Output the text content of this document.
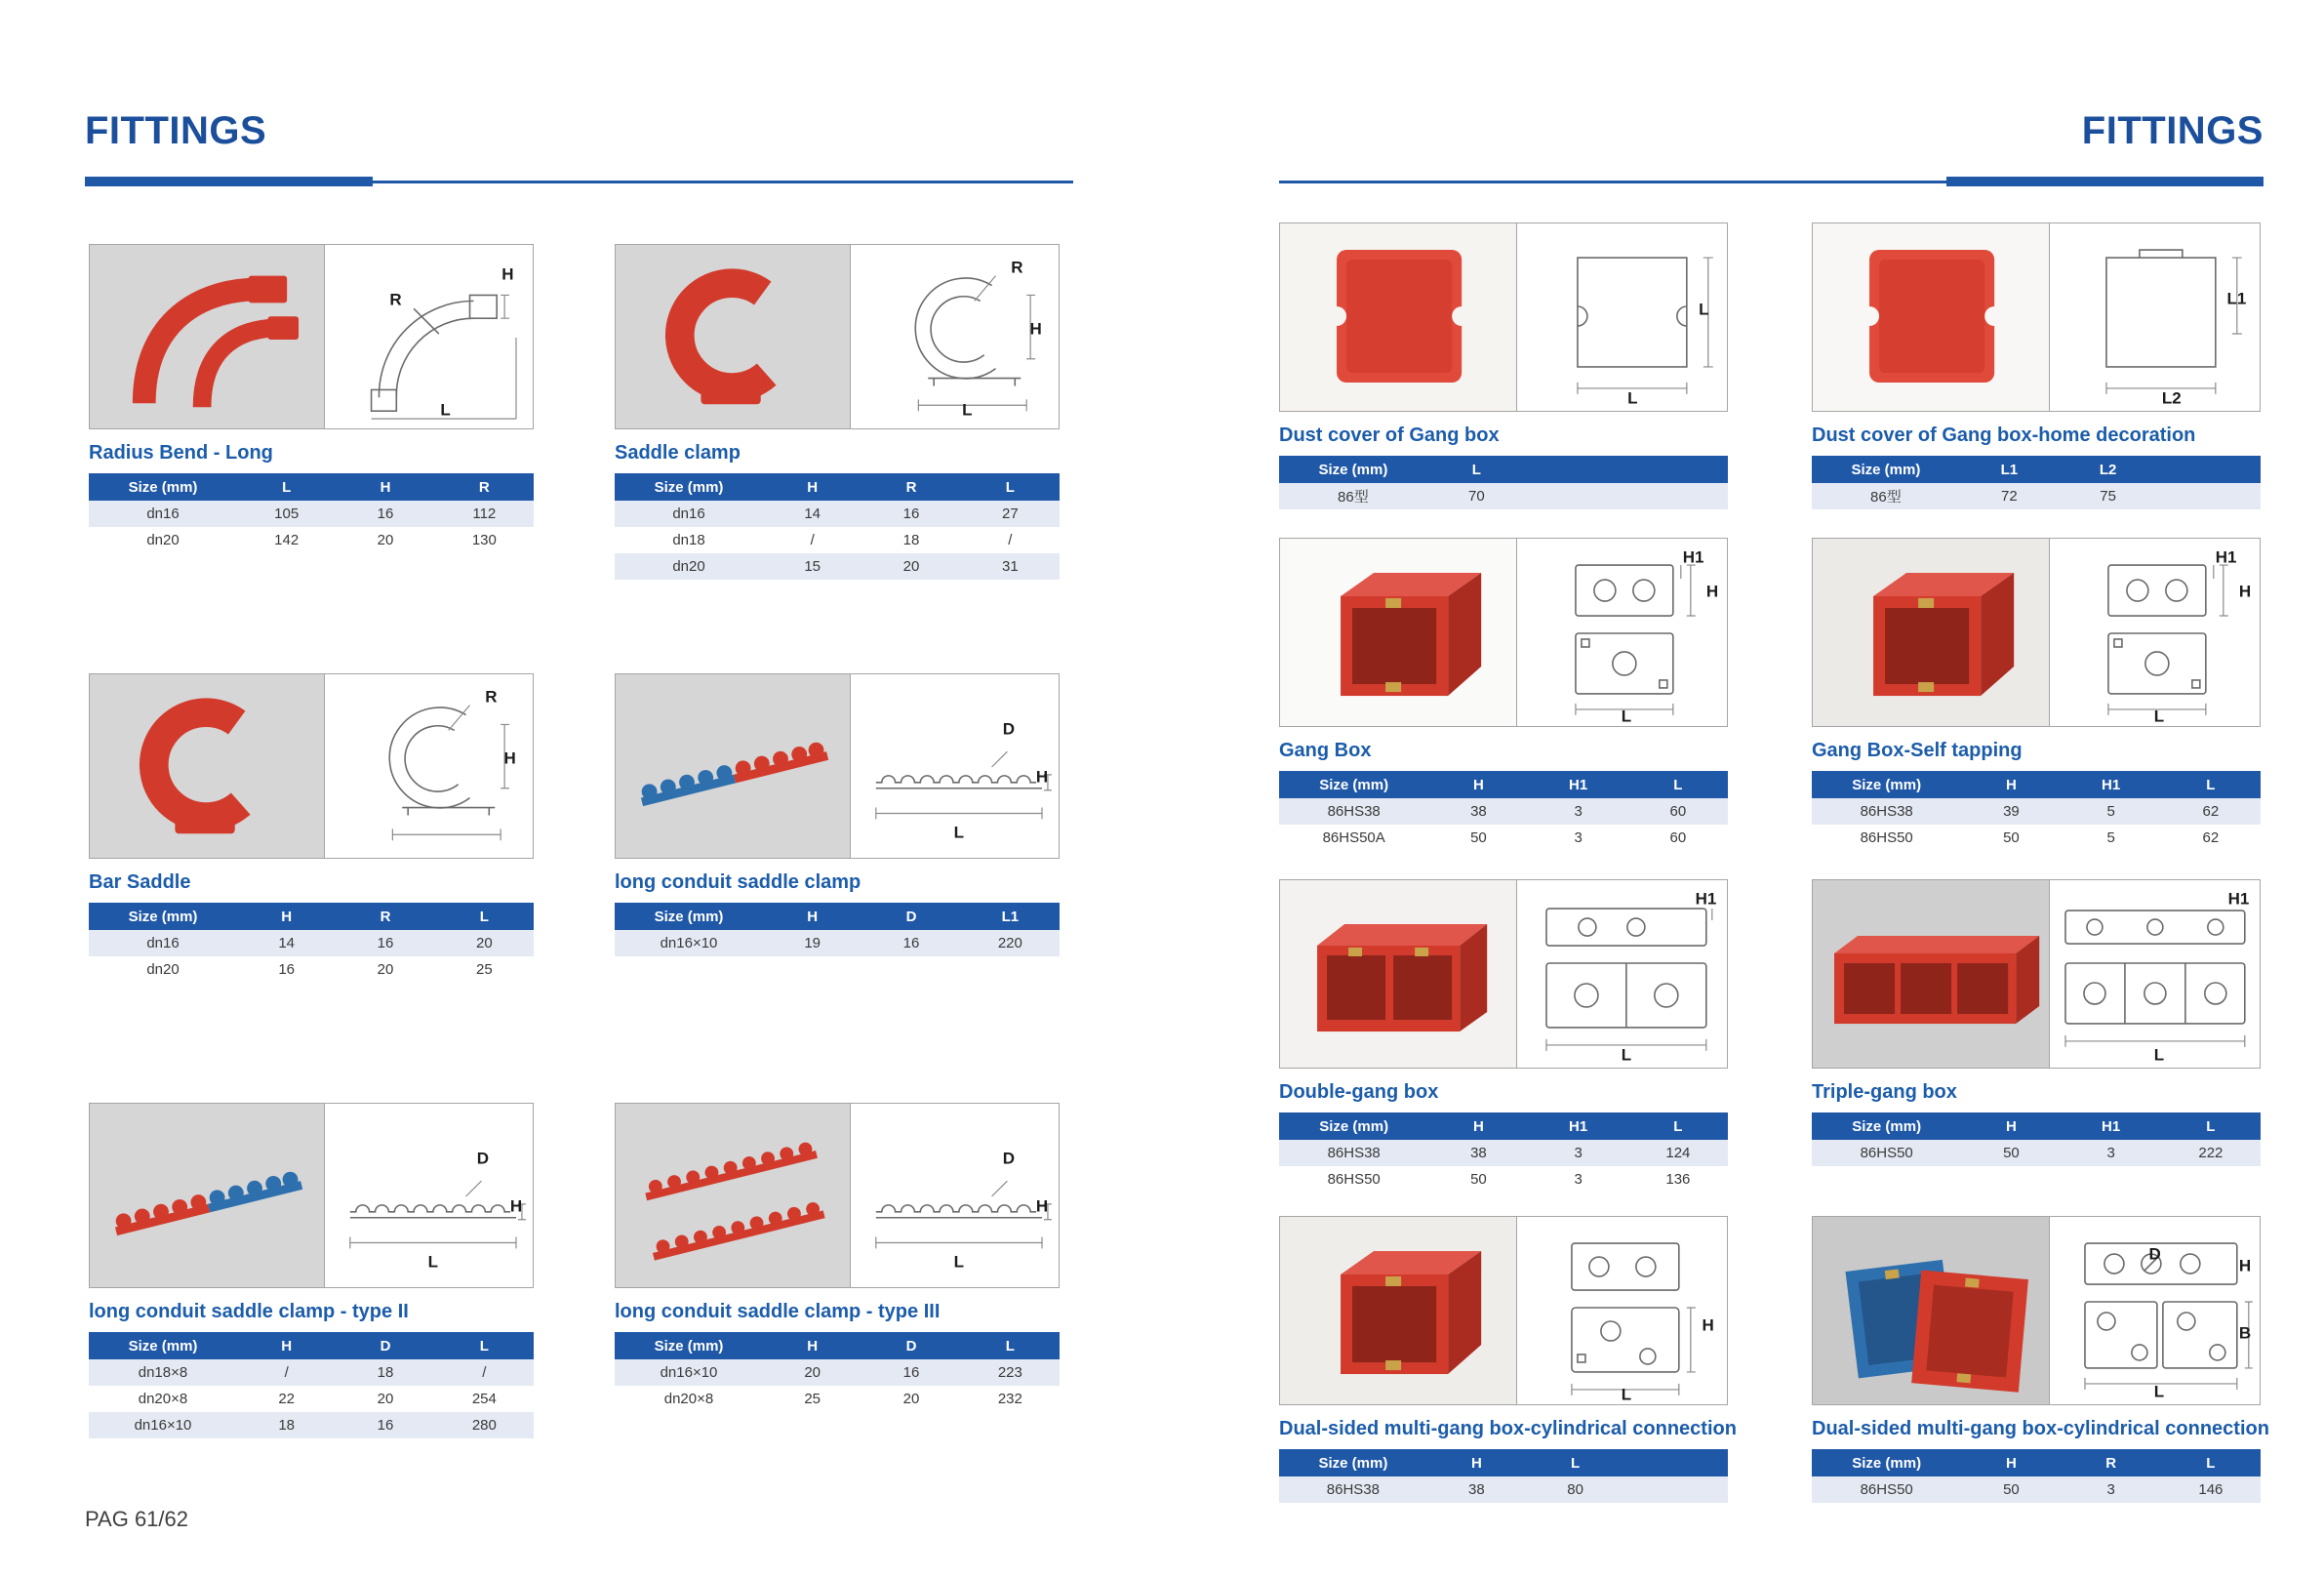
FITTINGS
R
H
L
Radius Bend - Long
Size (mm)	L	H	R
dn16	105	16	112
dn20	142	20	130
R
H
L
Saddle clamp
Size (mm)	H	R	L
dn16	14	16	27
dn18	/	18	/
dn20	15	20	31
R
H
Bar Saddle
Size (mm)	H	R	L
dn16	14	16	20
dn20	16	20	25
D
H
L
long conduit saddle clamp
Size (mm)	H	D	L1
dn16×10	19	16	220
D
H
L
long conduit saddle clamp - type II
Size (mm)	H	D	L
dn18×8	/	18	/
dn20×8	22	20	254
dn16×10	18	16	280
D
H
L
long conduit saddle clamp - type III
Size (mm)	H	D	L
dn16×10	20	16	223
dn20×8	25	20	232
FITTINGS
L
L
Dust cover of Gang box
Size (mm)	L	
86型	70	
L1
L2
Dust cover of Gang box-home decoration
Size (mm)	L1	L2	
86型	72	75	
H1
H
L
Gang Box
Size (mm)	H	H1	L
86HS38	38	3	60
86HS50A	50	3	60
H1
H
L
Gang Box-Self tapping
Size (mm)	H	H1	L
86HS38	39	5	62
86HS50	50	5	62
H1
L
Double-gang box
Size (mm)	H	H1	L
86HS38	38	3	124
86HS50	50	3	136
H1
L
Triple-gang box
Size (mm)	H	H1	L
86HS50	50	3	222
H
L
Dual-sided multi-gang box-cylindrical connection
Size (mm)	H	L	
86HS38	38	80	
D
H
B
L
Dual-sided multi-gang box-cylindrical connection
Size (mm)	H	R	L
86HS50	50	3	146
PAG 61/62
